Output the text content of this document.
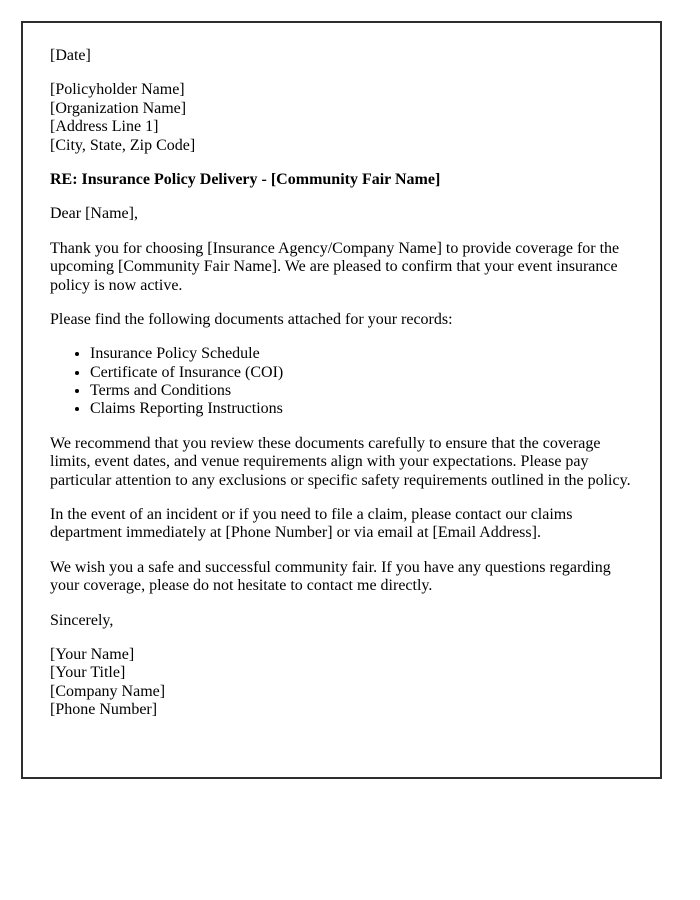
[Date]

[Policyholder Name]
[Organization Name]
[Address Line 1]
[City, State, Zip Code]

RE: Insurance Policy Delivery - [Community Fair Name]

Dear [Name],

Thank you for choosing [Insurance Agency/Company Name] to provide coverage for the upcoming [Community Fair Name]. We are pleased to confirm that your event insurance policy is now active.

Please find the following documents attached for your records:

• Insurance Policy Schedule
• Certificate of Insurance (COI)
• Terms and Conditions
• Claims Reporting Instructions

We recommend that you review these documents carefully to ensure that the coverage limits, event dates, and venue requirements align with your expectations. Please pay particular attention to any exclusions or specific safety requirements outlined in the policy.

In the event of an incident or if you need to file a claim, please contact our claims department immediately at [Phone Number] or via email at [Email Address].

We wish you a safe and successful community fair. If you have any questions regarding your coverage, please do not hesitate to contact me directly.

Sincerely,

[Your Name]
[Your Title]
[Company Name]
[Phone Number]
